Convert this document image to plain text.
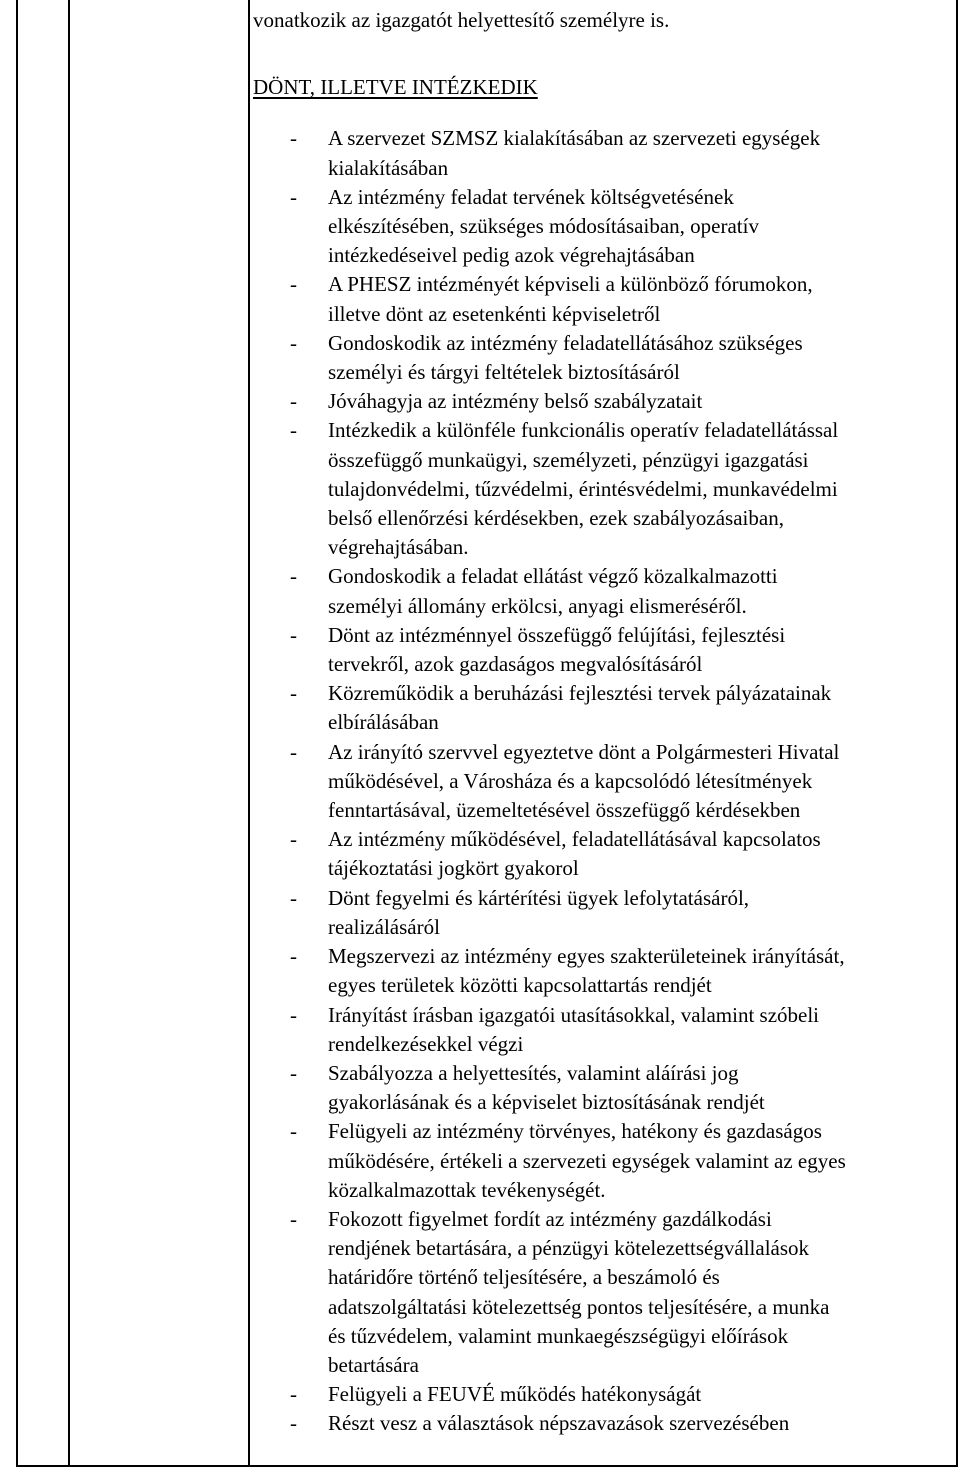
vonatkozik az igazgatót helyettesítő személyre is.

DÖNT, ILLETVE INTÉZKEDIK

- A szervezet SZMSZ kialakításában az szervezeti egységek
kialakításában
- Az intézmény feladat tervének költségvetésének
elkészítésében, szükséges módosításaiban, operatív
intézkedéseivel pedig azok végrehajtásában
- A PHESZ intézményét képviseli a különböző fórumokon,
illetve dönt az esetenkénti képviseletről
- Gondoskodik az intézmény feladatellátásához szükséges
személyi és tárgyi feltételek biztosításáról
- Jóváhagyja az intézmény belső szabályzatait
- Intézkedik a különféle funkcionális operatív feladatellátással
összefüggő munkaügyi, személyzeti, pénzügyi igazgatási
tulajdonvédelmi, tűzvédelmi, érintésvédelmi, munkavédelmi
belső ellenőrzési kérdésekben, ezek szabályozásaiban,
végrehajtásában.
- Gondoskodik a feladat ellátást végző közalkalmazotti
személyi állomány erkölcsi, anyagi elismeréséről.
- Dönt az intézménnyel összefüggő felújítási, fejlesztési
tervekről, azok gazdaságos megvalósításáról
- Közreműködik a beruházási fejlesztési tervek pályázatainak
elbírálásában
- Az irányító szervvel egyeztetve dönt a Polgármesteri Hivatal
működésével, a Városháza és a kapcsolódó létesítmények
fenntartásával, üzemeltetésével összefüggő kérdésekben
- Az intézmény működésével, feladatellátásával kapcsolatos
tájékoztatási jogkört gyakorol
- Dönt fegyelmi és kártérítési ügyek lefolytatásáról,
realizálásáról
- Megszervezi az intézmény egyes szakterületeinek irányítását,
egyes területek közötti kapcsolattartás rendjét
- Irányítást írásban igazgatói utasításokkal, valamint szóbeli
rendelkezésekkel végzi
- Szabályozza a helyettesítés, valamint aláírási jog
gyakorlásának és a képviselet biztosításának rendjét
- Felügyeli az intézmény törvényes, hatékony és gazdaságos
működésére, értékeli a szervezeti egységek valamint az egyes
közalkalmazottak tevékenységét.
- Fokozott figyelmet fordít az intézmény gazdálkodási
rendjének betartására, a pénzügyi kötelezettségvállalások
határidőre történő teljesítésére, a beszámoló és
adatszolgáltatási kötelezettség pontos teljesítésére, a munka
és tűzvédelem, valamint munkaegészségügyi előírások
betartására
- Felügyeli a FEUVÉ működés hatékonyságát
- Részt vesz a választások népszavazások szervezésében
